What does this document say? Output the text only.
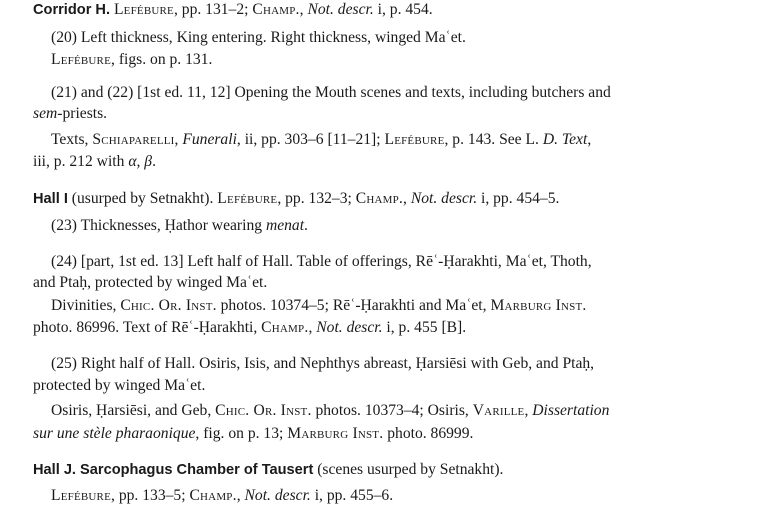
Corridor H. Lefébure, pp. 131–2; Champ., Not. descr. i, p. 454.
(20) Left thickness, King entering. Right thickness, winged Maʿet.
Lefébure, figs. on p. 131.
(21) and (22) [1st ed. 11, 12] Opening the Mouth scenes and texts, including butchers and
sem-priests.
Texts, Schiaparelli, Funerali, ii, pp. 303–6 [11–21]; Lefébure, p. 143. See L. D. Text,
iii, p. 212 with α, β.
Hall I (usurped by Setnakht). Lefébure, pp. 132–3; Champ., Not. descr. i, pp. 454–5.
(23) Thicknesses, Ḥathor wearing menat.
(24) [part, 1st ed. 13] Left half of Hall. Table of offerings, Rēʿ-Ḥarakhti, Maʿet, Thoth,
and Ptaḥ, protected by winged Maʿet.
Divinities, Chic. Or. Inst. photos. 10374–5; Rēʿ-Ḥarakhti and Maʿet, Marburg Inst.
photo. 86996. Text of Rēʿ-Ḥarakhti, Champ., Not. descr. i, p. 455 [B].
(25) Right half of Hall. Osiris, Isis, and Nephthys abreast, Ḥarsiēsi with Geb, and Ptaḥ,
protected by winged Maʿet.
Osiris, Ḥarsiēsi, and Geb, Chic. Or. Inst. photos. 10373–4; Osiris, Varille, Dissertation
sur une stèle pharaonique, fig. on p. 13; Marburg Inst. photo. 86999.
Hall J. Sarcophagus Chamber of Tausert (scenes usurped by Setnakht).
Lefébure, pp. 133–5; Champ., Not. descr. i, pp. 455–6.
